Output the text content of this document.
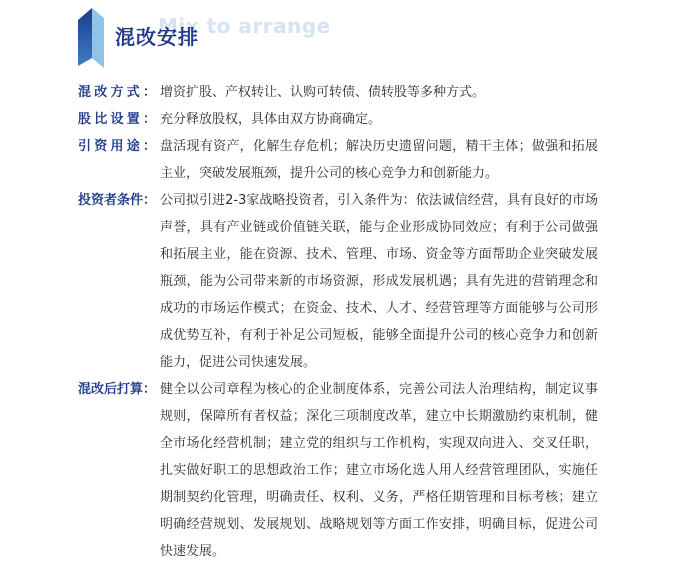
Mix to arrange
混改安排
混改方式： 增资扩股、产权转让、认购可转债、债转股等多种方式。
股比设置： 充分释放股权，具体由双方协商确定。
引资用途： 盘活现有资产，化解生存危机；解决历史遗留问题，精干主体；做强和拓展主业，突破发展瓶颈，提升公司的核心竞争力和创新能力。
投资者条件： 公司拟引进2-3家战略投资者，引入条件为：依法诚信经营，具有良好的市场声誉，具有产业链或价值链关联，能与企业形成协同效应；有利于公司做强和拓展主业，能在资源、技术、管理、市场、资金等方面帮助企业突破发展瓶颈，能为公司带来新的市场资源，形成发展机遇；具有先进的营销理念和成功的市场运作模式；在资金、技术、人才、经营管理等方面能够与公司形成优势互补，有利于补足公司短板，能够全面提升公司的核心竞争力和创新能力，促进公司快速发展。
混改后打算： 健全以公司章程为核心的企业制度体系，完善公司法人治理结构，制定议事规则，保障所有者权益；深化三项制度改革，建立中长期激励约束机制，健全市场化经营机制；建立党的组织与工作机构，实现双向进入、交叉任职，扎实做好职工的思想政治工作；建立市场化选人用人经营管理团队，实施任期制契约化管理，明确责任、权利、义务，严格任期管理和目标考核；建立明确经营规划、发展规划、战略规划等方面工作安排，明确目标，促进公司快速发展。
